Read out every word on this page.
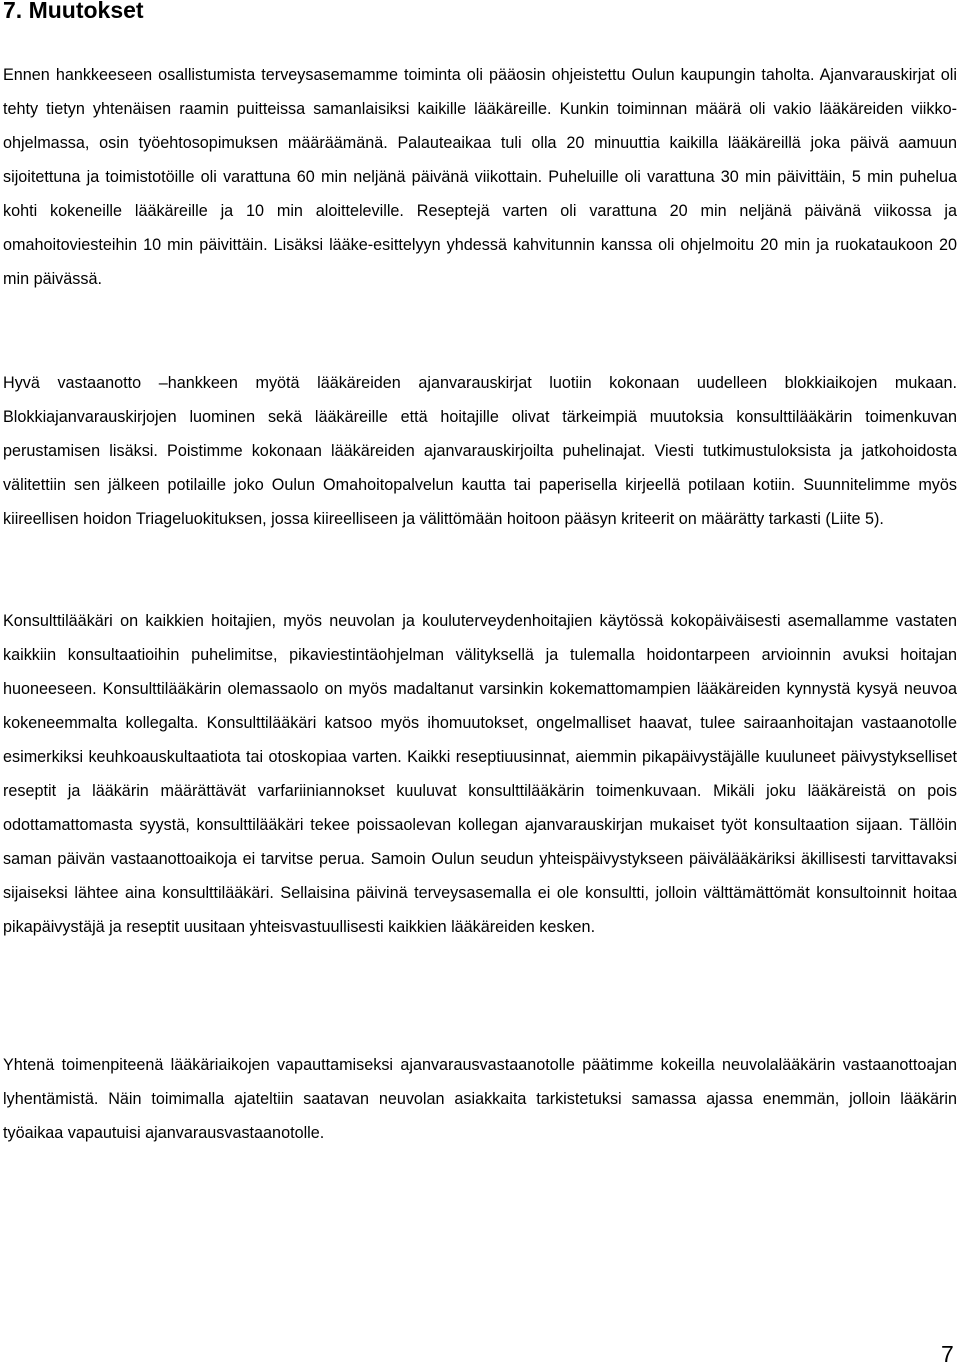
7. Muutokset

Ennen hankkeeseen osallistumista terveysasemamme toiminta oli pääosin ohjeistettu Oulun kaupungin taholta. Ajanvarauskirjat oli tehty tietyn yhtenäisen raamin puitteissa samanlaisiksi kaikille lääkäreille. Kunkin toiminnan määrä oli vakio lääkäreiden viikko-ohjelmassa, osin työehtosopimuksen määräämänä. Palauteaikaa tuli olla 20 minuuttia kaikilla lääkäreillä joka päivä aamuun sijoitettuna ja toimistotöille oli varattuna 60 min neljänä päivänä viikottain. Puheluille oli varattuna 30 min päivittäin, 5 min puhelua kohti kokeneille lääkäreille ja 10 min aloitteleville. Reseptejä varten oli varattuna 20 min neljänä päivänä viikossa ja omahoitoviesteihin 10 min päivittäin. Lisäksi lääke-esittelyyn yhdessä kahvitunnin kanssa oli ohjelmoitu 20 min ja ruokataukoon 20 min päivässä.

Hyvä vastaanotto –hankkeen myötä lääkäreiden ajanvarauskirjat luotiin kokonaan uudelleen blokkiaikojen mukaan. Blokkiajanvarauskirjojen luominen sekä lääkäreille että hoitajille olivat tärkeimpiä muutoksia konsulttilääkärin toimenkuvan perustamisen lisäksi. Poistimme kokonaan lääkäreiden ajanvarauskirjoilta puhelinajat. Viesti tutkimustuloksista ja jatkohoidosta välitettiin sen jälkeen potilaille joko Oulun Omahoitopalvelun kautta tai paperisella kirjeellä potilaan kotiin. Suunnitelimme myös kiireellisen hoidon Triageluokituksen, jossa kiireelliseen ja välittömään hoitoon pääsyn kriteerit on määrätty tarkasti (Liite 5).

Konsulttilääkäri on kaikkien hoitajien, myös neuvolan ja kouluterveydenhoitajien käytössä kokopäiväisesti asemallamme vastaten kaikkiin konsultaatioihin puhelimitse, pikaviestintäohjelman välityksellä ja tulemalla hoidontarpeen arvioinnin avuksi hoitajan huoneeseen. Konsulttilääkärin olemassaolo on myös madaltanut varsinkin kokemattomampien lääkäreiden kynnystä kysyä neuvoa kokeneemmalta kollegalta. Konsulttilääkäri katsoo myös ihomuutokset, ongelmalliset haavat, tulee sairaanhoitajan vastaanotolle esimerkiksi keuhkoauskultaatiota tai otoskopiaa varten. Kaikki reseptiuusinnat, aiemmin pikapäivystäjälle kuuluneet päivystykselliset reseptit ja lääkärin määrättävät varfariiniannokset kuuluvat konsulttilääkärin toimenkuvaan. Mikäli joku lääkäreistä on pois odottamattomasta syystä, konsulttilääkäri tekee poissaolevan kollegan ajanvarauskirjan mukaiset työt konsultaation sijaan. Tällöin saman päivän vastaanottoaikoja ei tarvitse perua. Samoin Oulun seudun yhteispäivystykseen päivälääkäriksi äkillisesti tarvittavaksi sijaiseksi lähtee aina konsulttilääkäri. Sellaisina päivinä terveysasemalla ei ole konsultti, jolloin välttämättömät konsultoinnit hoitaa pikapäivystäjä ja reseptit uusitaan yhteisvastuullisesti kaikkien lääkäreiden kesken.

Yhtenä toimenpiteenä lääkäriaikojen vapauttamiseksi ajanvarausvastaanotolle päätimme kokeilla neuvolalääkärin vastaanottoajan lyhentämistä. Näin toimimalla ajateltiin saatavan neuvolan asiakkaita tarkistetuksi samassa ajassa enemmän, jolloin lääkärin työaikaa vapautuisi ajanvarausvastaanotolle.

7
